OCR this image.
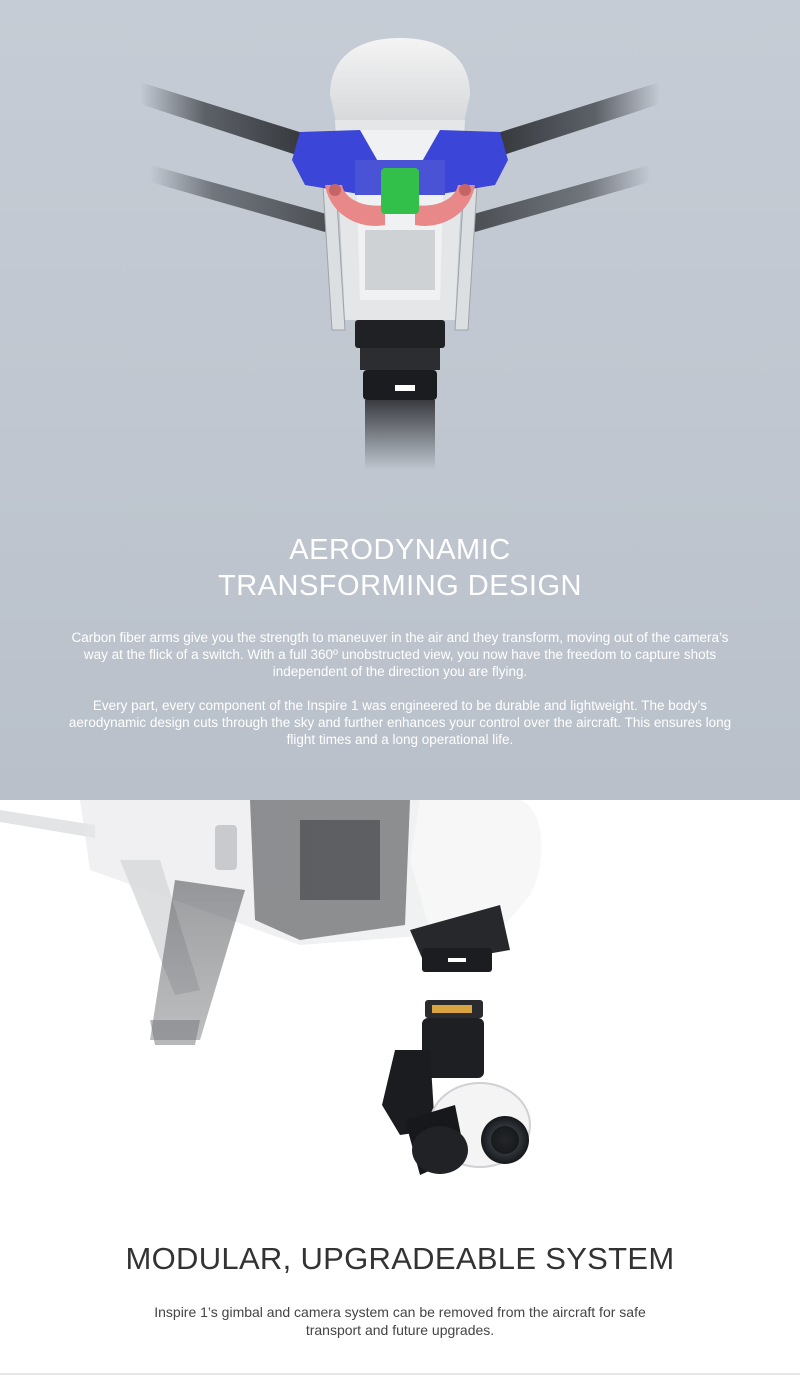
AERODYNAMIC
TRANSFORMING DESIGN

Carbon fiber arms give you the strength to maneuver in the air and they transform, moving out of the camera’s way at the flick of a switch. With a full 360º unobstructed view, you now have the freedom to capture shots independent of the direction you are flying.

Every part, every component of the Inspire 1 was engineered to be durable and lightweight. The body’s aerodynamic design cuts through the sky and further enhances your control over the aircraft. This ensures long flight times and a long operational life.

MODULAR, UPGRADEABLE SYSTEM

Inspire 1’s gimbal and camera system can be removed from the aircraft for safe transport and future upgrades.
